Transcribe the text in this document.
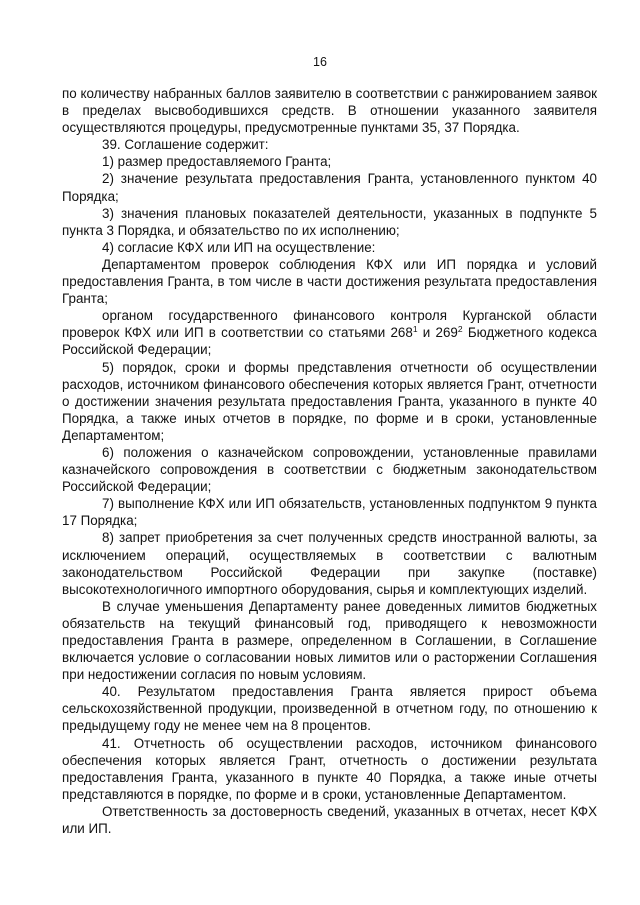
16

по количеству набранных баллов заявителю в соответствии с ранжированием заявок в пределах высвободившихся средств. В отношении указанного заявителя осуществляются процедуры, предусмотренные пунктами 35, 37 Порядка.

39. Соглашение содержит:

1) размер предоставляемого Гранта;

2) значение результата предоставления Гранта, установленного пунктом 40 Порядка;

3) значения плановых показателей деятельности, указанных в подпункте 5 пункта 3 Порядка, и обязательство по их исполнению;

4) согласие КФХ или ИП на осуществление:

Департаментом проверок соблюдения КФХ или ИП порядка и условий предоставления Гранта, в том числе в части достижения результата предоставления Гранта;

органом государственного финансового контроля Курганской области проверок КФХ или ИП в соответствии со статьями $268^1$ и $269^2$ Бюджетного кодекса Российской Федерации;

5) порядок, сроки и формы представления отчетности об осуществлении расходов, источником финансового обеспечения которых является Грант, отчетности о достижении значения результата предоставления Гранта, указанного в пункте 40 Порядка, а также иных отчетов в порядке, по форме и в сроки, установленные Департаментом;

6) положения о казначейском сопровождении, установленные правилами казначейского сопровождения в соответствии с бюджетным законодательством Российской Федерации;

7) выполнение КФХ или ИП обязательств, установленных подпунктом 9 пункта 17 Порядка;

8) запрет приобретения за счет полученных средств иностранной валюты, за исключением операций, осуществляемых в соответствии с валютным законодательством Российской Федерации при закупке (поставке) высокотехнологичного импортного оборудования, сырья и комплектующих изделий.

В случае уменьшения Департаменту ранее доведенных лимитов бюджетных обязательств на текущий финансовый год, приводящего к невозможности предоставления Гранта в размере, определенном в Соглашении, в Соглашение включается условие о согласовании новых лимитов или о расторжении Соглашения при недостижении согласия по новым условиям.

40. Результатом предоставления Гранта является прирост объема сельскохозяйственной продукции, произведенной в отчетном году, по отношению к предыдущему году не менее чем на 8 процентов.

41. Отчетность об осуществлении расходов, источником финансового обеспечения которых является Грант, отчетность о достижении результата предоставления Гранта, указанного в пункте 40 Порядка, а также иные отчеты представляются в порядке, по форме и в сроки, установленные Департаментом.

Ответственность за достоверность сведений, указанных в отчетах, несет КФХ или ИП.
